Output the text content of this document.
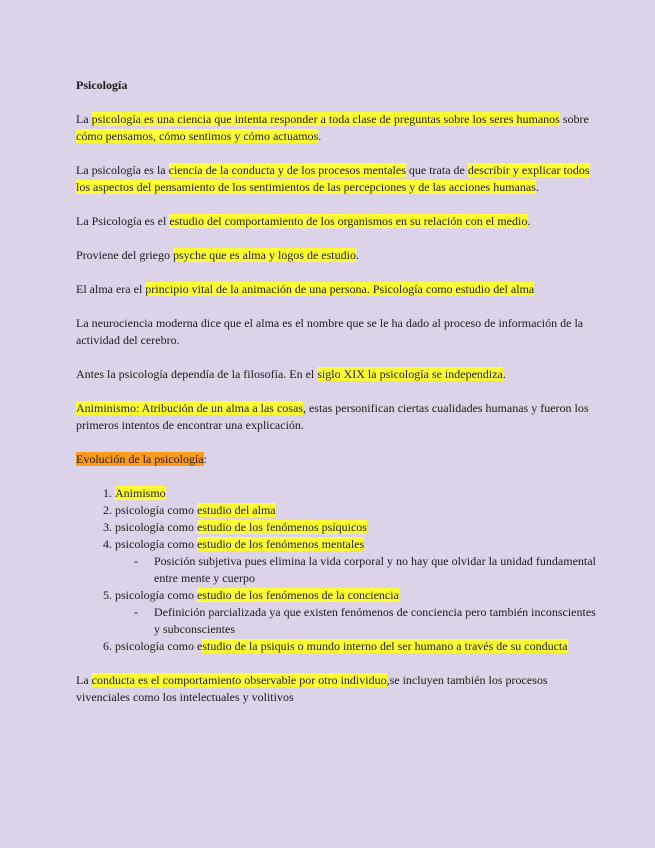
Psicología

La psicología es una ciencia que intenta responder a toda clase de preguntas sobre los seres humanos sobre cómo pensamos, cómo sentimos y cómo actuamos.

La psicología es la ciencia de la conducta y de los procesos mentales que trata de describir y explicar todos los aspectos del pensamiento de los sentimientos de las percepciones y de las acciones humanas.

La Psicología es el estudio del comportamiento de los organismos en su relación con el medio.

Proviene del griego psyche que es alma y logos de estudio.

El alma era el principio vital de la animación de una persona. Psicología como estudio del alma

La neurociencia moderna dice que el alma es el nombre que se le ha dado al proceso de información de la actividad del cerebro.

Antes la psicología dependía de la filosofía. En el siglo XIX la psicología se independiza.

Animinismo: Atribución de un alma a las cosas, estas personifican ciertas cualidades humanas y fueron los primeros intentos de encontrar una explicación.

Evolución de la psicología:

1. Animismo
2. psicología como estudio del alma
3. psicología como estudio de los fenómenos psíquicos
4. psicología como estudio de los fenómenos mentales
- Posición subjetiva pues elimina la vida corporal y no hay que olvidar la unidad fundamental entre mente y cuerpo
5. psicología como estudio de los fenómenos de la conciencia
- Definición parcializada ya que existen fenómenos de conciencia pero también inconscientes y subconscientes
6. psicología como estudio de la psiquis o mundo interno del ser humano a través de su conducta

La conducta es el comportamiento observable por otro individuo,se incluyen también los procesos vivenciales como los intelectuales y volitivos
